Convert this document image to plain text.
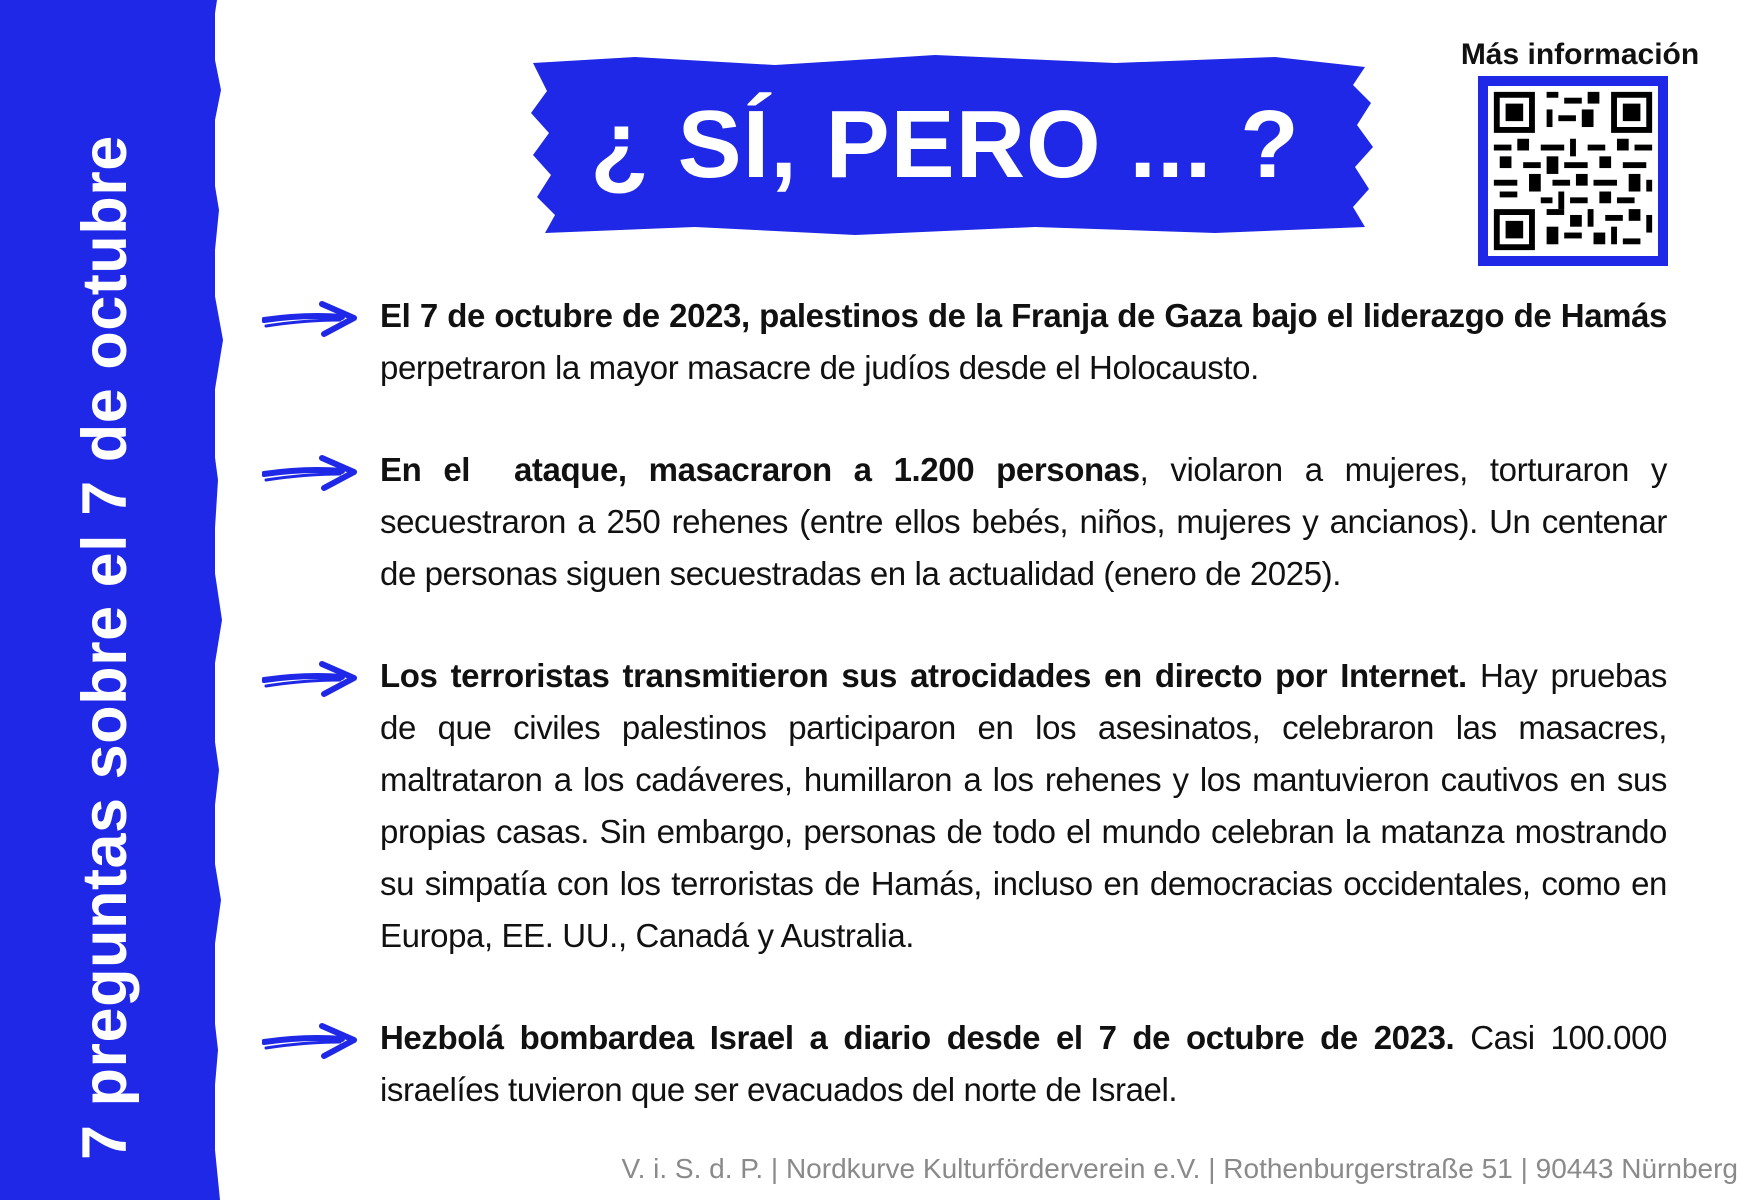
7 preguntas sobre el 7 de octubre	¿ SÍ, PERO ... ?
Más información

El 7 de octubre de 2023, palestinos de la Franja de Gaza bajo el liderazgo de Hamás perpetraron la mayor masacre de judíos desde el Holocausto.

En el  ataque, masacraron a 1.200 personas, violaron a mujeres, torturaron y secuestraron a 250 rehenes (entre ellos bebés, niños, mujeres y ancianos). Un centenar de personas siguen secuestradas en la actualidad (enero de 2025).

Los terroristas transmitieron sus atrocidades en directo por Internet. Hay pruebas de que civiles palestinos participaron en los asesinatos, celebraron las masacres, maltrataron a los cadáveres, humillaron a los rehenes y los mantuvieron cautivos en sus propias casas. Sin embargo, personas de todo el mundo celebran la matanza mostrando su simpatía con los terroristas de Hamás, incluso en democracias occidentales, como en Europa, EE. UU., Canadá y Australia.

Hezbolá bombardea Israel a diario desde el 7 de octubre de 2023. Casi 100.000 israelíes tuvieron que ser evacuados del norte de Israel.

V. i. S. d. P. | Nordkurve Kulturförderverein e.V. | Rothenburgerstraße 51 | 90443 Nürnberg
